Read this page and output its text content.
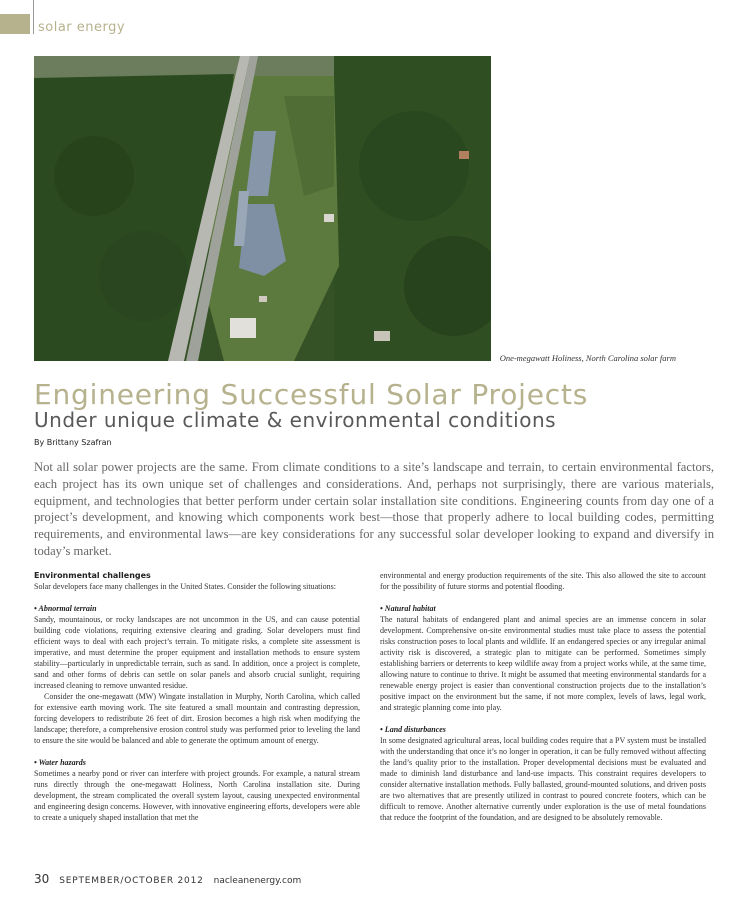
solar energy
One-megawatt Holiness, North Carolina solar farm
Engineering Successful Solar Projects
Under unique climate & environmental conditions
By Brittany Szafran

Not all solar power projects are the same. From climate conditions to a site’s landscape and terrain, to certain environmental factors, each project has its own unique set of challenges and considerations. And, perhaps not surprisingly, there are various materials, equipment, and technologies that better perform under certain solar installation site conditions. Engineering counts from day one of a project’s development, and knowing which components work best—those that properly adhere to local building codes, permitting requirements, and environmental laws—are key considerations for any successful solar developer looking to expand and diversify in today’s market.

Environmental challenges

Solar developers face many challenges in the United States. Consider the following situations:

• Abnormal terrain

Sandy, mountainous, or rocky landscapes are not uncommon in the US, and can cause potential building code violations, requiring extensive clearing and grading. Solar developers must find efficient ways to deal with each project’s terrain. To mitigate risks, a complete site assessment is imperative, and must determine the proper equipment and installation methods to ensure system stability—particularly in unpredictable terrain, such as sand. In addition, once a project is complete, sand and other forms of debris can settle on solar panels and absorb crucial sunlight, requiring increased cleaning to remove unwanted residue.

Consider the one-megawatt (MW) Wingate installation in Murphy, North Carolina, which called for extensive earth moving work. The site featured a small mountain and contrasting depression, forcing developers to redistribute 26 feet of dirt. Erosion becomes a high risk when modifying the landscape; therefore, a comprehensive erosion control study was performed prior to leveling the land to ensure the site would be balanced and able to generate the optimum amount of energy.

• Water hazards

Sometimes a nearby pond or river can interfere with project grounds. For example, a natural stream runs directly through the one-megawatt Holiness, North Carolina installation site. During development, the stream complicated the overall system layout, causing unexpected environmental and engineering design concerns. However, with innovative engineering efforts, developers were able to create a uniquely shaped installation that met the

environmental and energy production requirements of the site. This also allowed the site to account for the possibility of future storms and potential flooding.

• Natural habitat

The natural habitats of endangered plant and animal species are an immense concern in solar development. Comprehensive on-site environmental studies must take place to assess the potential risks construction poses to local plants and wildlife. If an endangered species or any irregular animal activity risk is discovered, a strategic plan to mitigate can be performed. Sometimes simply establishing barriers or deterrents to keep wildlife away from a project works while, at the same time, allowing nature to continue to thrive. It might be assumed that meeting environmental standards for a renewable energy project is easier than conventional construction projects due to the installation’s positive impact on the environment but the same, if not more complex, levels of laws, legal work, and strategic planning come into play.

• Land disturbances

In some designated agricultural areas, local building codes require that a PV system must be installed with the understanding that once it’s no longer in operation, it can be fully removed without affecting the land’s quality prior to the installation. Proper developmental decisions must be evaluated and made to diminish land disturbance and land-use impacts. This constraint requires developers to consider alternative installation methods. Fully ballasted, ground-mounted solutions, and driven posts are two alternatives that are presently utilized in contrast to poured concrete footers, which can be difficult to remove. Another alternative currently under exploration is the use of metal foundations that reduce the footprint of the foundation, and are designed to be absolutely removable.

30 SEPTEMBER/OCTOBER 2012 nacleanenergy.com
